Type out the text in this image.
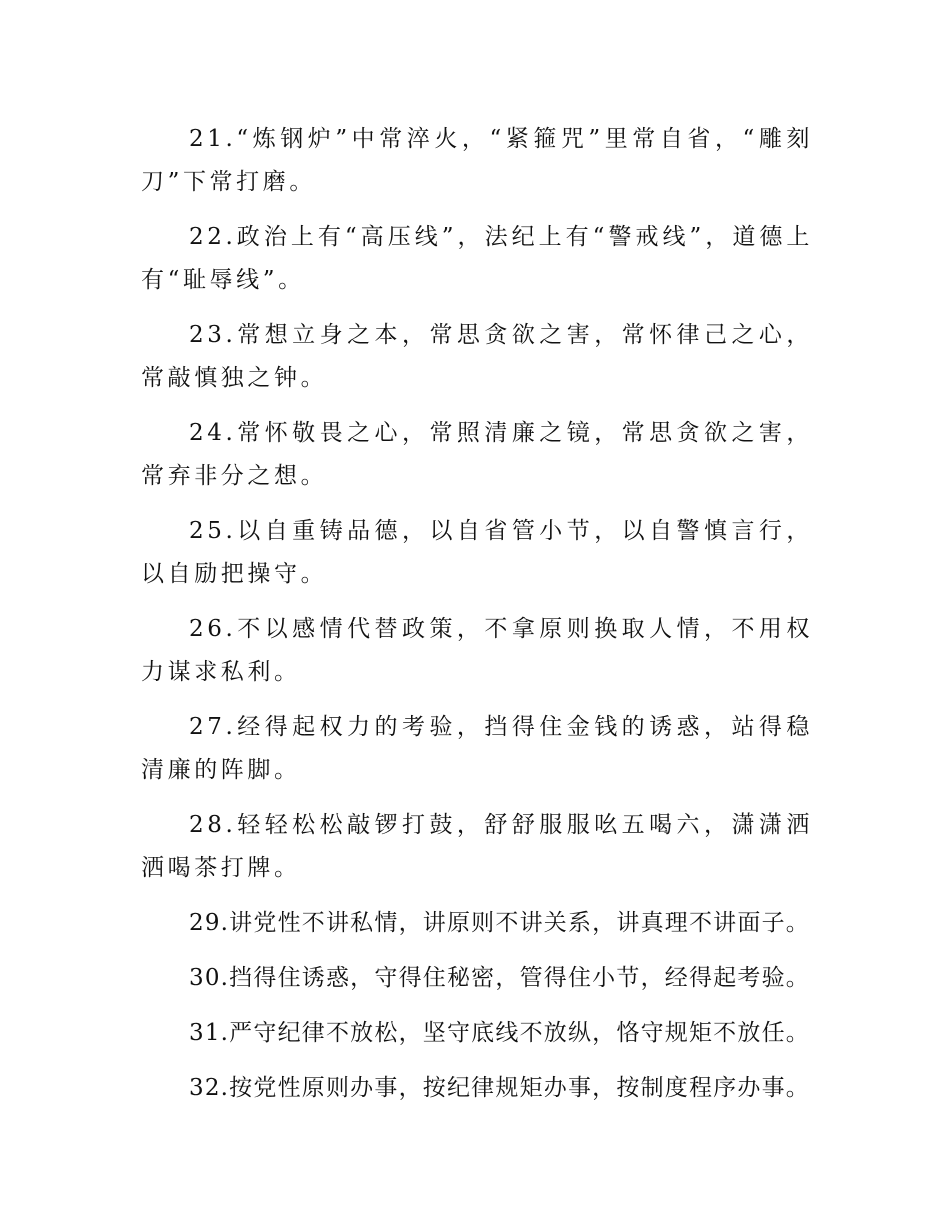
21.“炼钢炉”中常淬火，“紧箍咒”里常自省，“雕刻刀”下常打磨。

22.政治上有“高压线”，法纪上有“警戒线”，道德上有“耻辱线”。

23.常想立身之本，常思贪欲之害，常怀律己之心，常敲慎独之钟。

24.常怀敬畏之心，常照清廉之镜，常思贪欲之害，常弃非分之想。

25.以自重铸品德，以自省管小节，以自警慎言行，以自励把操守。

26.不以感情代替政策，不拿原则换取人情，不用权力谋求私利。

27.经得起权力的考验，挡得住金钱的诱惑，站得稳清廉的阵脚。

28.轻轻松松敲锣打鼓，舒舒服服吆五喝六，潇潇洒洒喝茶打牌。

29.讲党性不讲私情，讲原则不讲关系，讲真理不讲面子。

30.挡得住诱惑，守得住秘密，管得住小节，经得起考验。

31.严守纪律不放松，坚守底线不放纵，恪守规矩不放任。

32.按党性原则办事，按纪律规矩办事，按制度程序办事。
